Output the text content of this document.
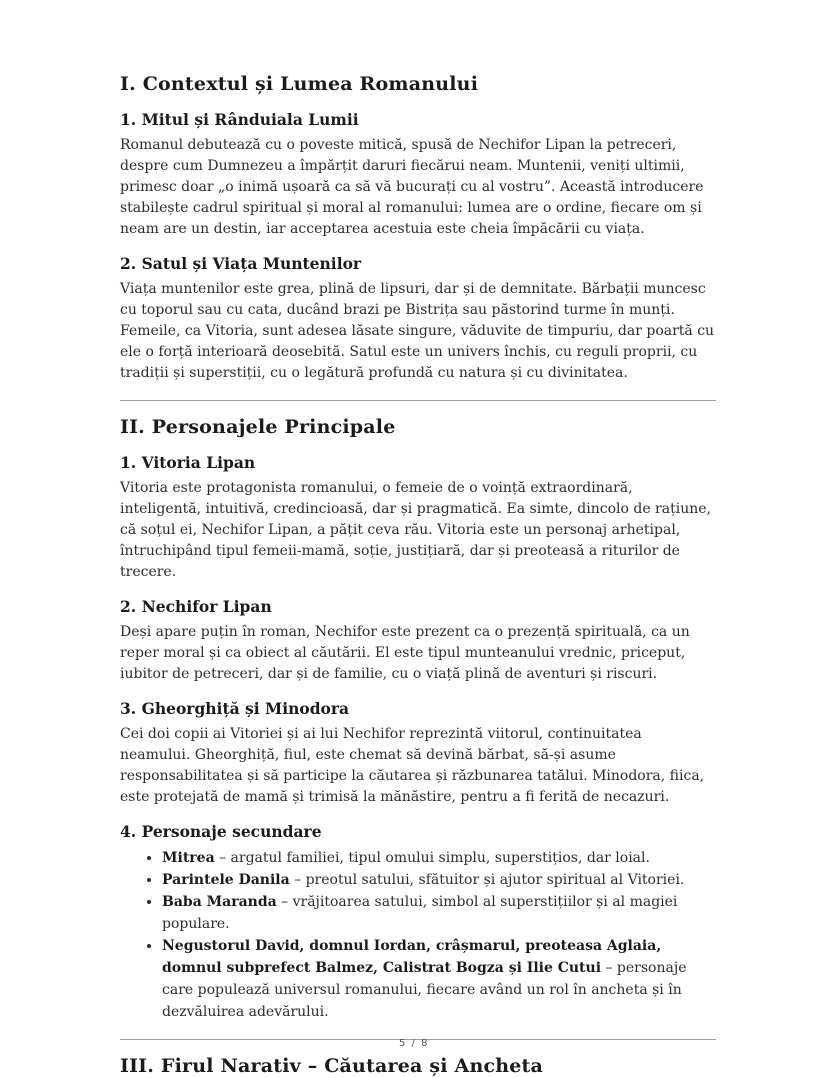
I. Contextul și Lumea Romanului
1. Mitul și Rânduiala Lumii

Romanul debutează cu o poveste mitică, spusă de Nechifor Lipan la petreceri, despre cum Dumnezeu a împărțit daruri fiecărui neam. Muntenii, veniți ultimii, primesc doar „o inimă ușoară ca să vă bucurați cu al vostru”. Această introducere stabilește cadrul spiritual și moral al romanului: lumea are o ordine, fiecare om și neam are un destin, iar acceptarea acestuia este cheia împăcării cu viața.

2. Satul și Viața Muntenilor

Viața muntenilor este grea, plină de lipsuri, dar și de demnitate. Bărbații muncesc cu toporul sau cu cata, ducând brazi pe Bistrița sau păstorind turme în munți. Femeile, ca Vitoria, sunt adesea lăsate singure, văduvite de timpuriu, dar poartă cu ele o forță interioară deosebită. Satul este un univers închis, cu reguli proprii, cu tradiții și superstiții, cu o legătură profundă cu natura și cu divinitatea.

II. Personajele Principale
1. Vitoria Lipan

Vitoria este protagonista romanului, o femeie de o voință extraordinară, inteligentă, intuitivă, credincioasă, dar și pragmatică. Ea simte, dincolo de rațiune, că soțul ei, Nechifor Lipan, a pățit ceva rău. Vitoria este un personaj arhetipal, întruchipând tipul femeii-mamă, soție, justițiară, dar și preoteasă a riturilor de trecere.

2. Nechifor Lipan

Deși apare puțin în roman, Nechifor este prezent ca o prezență spirituală, ca un reper moral și ca obiect al căutării. El este tipul munteanului vrednic, priceput, iubitor de petreceri, dar și de familie, cu o viață plină de aventuri și riscuri.

3. Gheorghiță și Minodora

Cei doi copii ai Vitoriei și ai lui Nechifor reprezintă viitorul, continuitatea neamului. Gheorghiță, fiul, este chemat să devină bărbat, să-și asume responsabilitatea și să participe la căutarea și răzbunarea tatălui. Minodora, fiica, este protejată de mamă și trimisă la mănăstire, pentru a fi ferită de necazuri.

4. Personaje secundare
• Mitrea – argatul familiei, tipul omului simplu, superstițios, dar loial.
• Parintele Danila – preotul satului, sfătuitor și ajutor spiritual al Vitoriei.
• Baba Maranda – vrăjitoarea satului, simbol al superstițiilor și al magiei populare.
• Negustorul David, domnul Iordan, crâșmarul, preoteasa Aglaia, domnul subprefect Balmez, Calistrat Bogza și Ilie Cutui – personaje care populează universul romanului, fiecare având un rol în ancheta și în dezvăluirea adevărului.
III. Firul Narativ – Căutarea și Ancheta
5 / 8
